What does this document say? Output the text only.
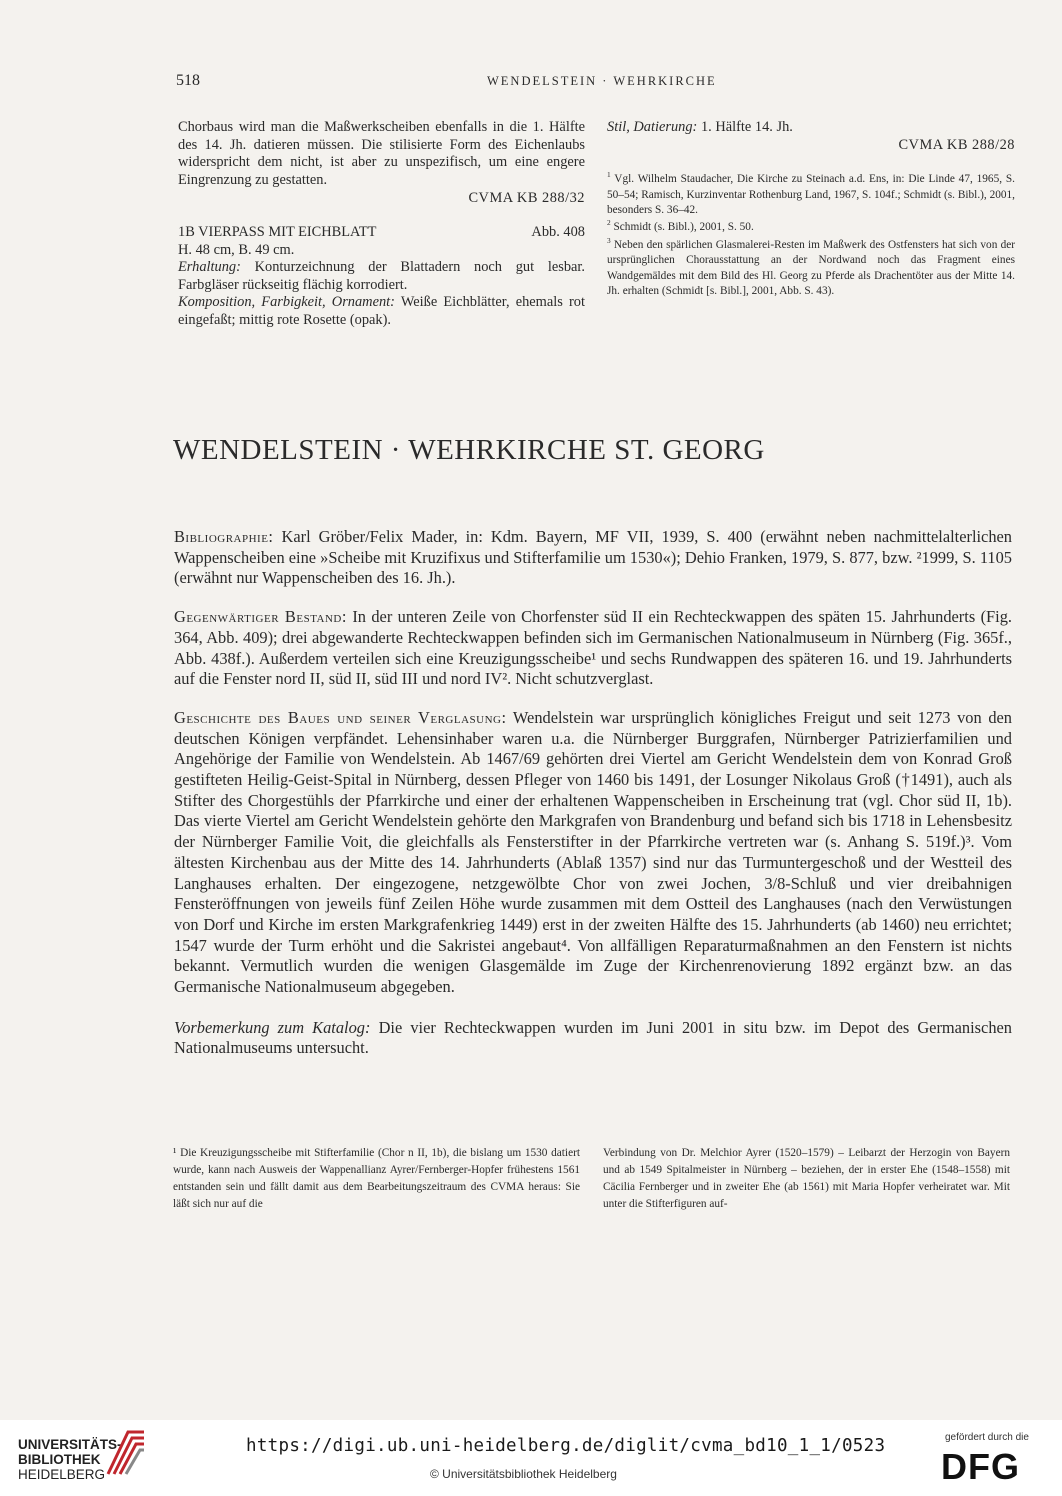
518	WENDELSTEIN · WEHRKIRCHE

Chorbaus wird man die Maßwerkscheiben ebenfalls in die 1. Hälfte des 14. Jh. datieren müssen. Die stilisierte Form des Eichenlaubs widerspricht dem nicht, ist aber zu unspezifisch, um eine engere Eingrenzung zu gestatten.

CVMA KB 288/32

1B VIERPASS MIT EICHBLATT	Abb. 408

H. 48 cm, B. 49 cm.

Erhaltung: Konturzeichnung der Blattadern noch gut lesbar. Farbgläser rückseitig flächig korrodiert.

Komposition, Farbigkeit, Ornament: Weiße Eichblätter, ehemals rot eingefaßt; mittig rote Rosette (opak).

Stil, Datierung: 1. Hälfte 14. Jh.

CVMA KB 288/28

$^1$ Vgl. Wilhelm Staudacher, Die Kirche zu Steinach a.d. Ens, in: Die Linde 47, 1965, S. 50–54; Ramisch, Kurzinventar Rothenburg Land, 1967, S. 104f.; Schmidt (s. Bibl.), 2001, besonders S. 36–42.

$^2$ Schmidt (s. Bibl.), 2001, S. 50.

$^3$ Neben den spärlichen Glasmalerei-Resten im Maßwerk des Ostfensters hat sich von der ursprünglichen Chorausstattung an der Nordwand noch das Fragment eines Wandgemäldes mit dem Bild des Hl. Georg zu Pferde als Drachentöter aus der Mitte 14. Jh. erhalten (Schmidt [s. Bibl.], 2001, Abb. S. 43).

WENDELSTEIN · WEHRKIRCHE ST. GEORG

Bibliographie: Karl Gröber/Felix Mader, in: Kdm. Bayern, MF VII, 1939, S. 400 (erwähnt neben nachmittelalterlichen Wappenscheiben eine »Scheibe mit Kruzifixus und Stifterfamilie um 1530«); Dehio Franken, 1979, S. 877, bzw. ²1999, S. 1105 (erwähnt nur Wappenscheiben des 16. Jh.).

Gegenwärtiger Bestand: In der unteren Zeile von Chorfenster süd II ein Rechteckwappen des späten 15. Jahrhunderts (Fig. 364, Abb. 409); drei abgewanderte Rechteckwappen befinden sich im Germanischen Nationalmuseum in Nürnberg (Fig. 365f., Abb. 438f.). Außerdem verteilen sich eine Kreuzigungsscheibe¹ und sechs Rundwappen des späteren 16. und 19. Jahrhunderts auf die Fenster nord II, süd II, süd III und nord IV². Nicht schutzverglast.

Geschichte des Baues und seiner Verglasung: Wendelstein war ursprünglich königliches Freigut und seit 1273 von den deutschen Königen verpfändet. Lehensinhaber waren u.a. die Nürnberger Burggrafen, Nürnberger Patrizierfamilien und Angehörige der Familie von Wendelstein. Ab 1467/69 gehörten drei Viertel am Gericht Wendelstein dem von Konrad Groß gestifteten Heilig-Geist-Spital in Nürnberg, dessen Pfleger von 1460 bis 1491, der Losunger Nikolaus Groß (†1491), auch als Stifter des Chorgestühls der Pfarrkirche und einer der erhaltenen Wappenscheiben in Erscheinung trat (vgl. Chor süd II, 1b). Das vierte Viertel am Gericht Wendelstein gehörte den Markgrafen von Brandenburg und befand sich bis 1718 in Lehensbesitz der Nürnberger Familie Voit, die gleichfalls als Fensterstifter in der Pfarrkirche vertreten war (s. Anhang S. 519f.)³. Vom ältesten Kirchenbau aus der Mitte des 14. Jahrhunderts (Ablaß 1357) sind nur das Turmuntergeschoß und der Westteil des Langhauses erhalten. Der eingezogene, netzgewölbte Chor von zwei Jochen, 3/8-Schluß und vier dreibahnigen Fensteröffnungen von jeweils fünf Zeilen Höhe wurde zusammen mit dem Ostteil des Langhauses (nach den Verwüstungen von Dorf und Kirche im ersten Markgrafenkrieg 1449) erst in der zweiten Hälfte des 15. Jahrhunderts (ab 1460) neu errichtet; 1547 wurde der Turm erhöht und die Sakristei angebaut⁴. Von allfälligen Reparaturmaßnahmen an den Fenstern ist nichts bekannt. Vermutlich wurden die wenigen Glasgemälde im Zuge der Kirchenrenovierung 1892 ergänzt bzw. an das Germanische Nationalmuseum abgegeben.

Vorbemerkung zum Katalog: Die vier Rechteckwappen wurden im Juni 2001 in situ bzw. im Depot des Germanischen Nationalmuseums untersucht.

¹ Die Kreuzigungsscheibe mit Stifterfamilie (Chor n II, 1b), die bislang um 1530 datiert wurde, kann nach Ausweis der Wappenallianz Ayrer/Fernberger-Hopfer frühestens 1561 entstanden sein und fällt damit aus dem Bearbeitungszeitraum des CVMA heraus: Sie läßt sich nur auf die
Verbindung von Dr. Melchior Ayrer (1520–1579) – Leibarzt der Herzogin von Bayern und ab 1549 Spitalmeister in Nürnberg – beziehen, der in erster Ehe (1548–1558) mit Cäcilia Fernberger und in zweiter Ehe (ab 1561) mit Maria Hopfer verheiratet war. Mit unter die Stifterfiguren auf-
UNIVERSITÄTS-
BIBLIOTHEK
HEIDELBERG
https://digi.ub.uni-heidelberg.de/diglit/cvma_bd10_1_1/0523
© Universitätsbibliothek Heidelberg
gefördert durch die
DFG
